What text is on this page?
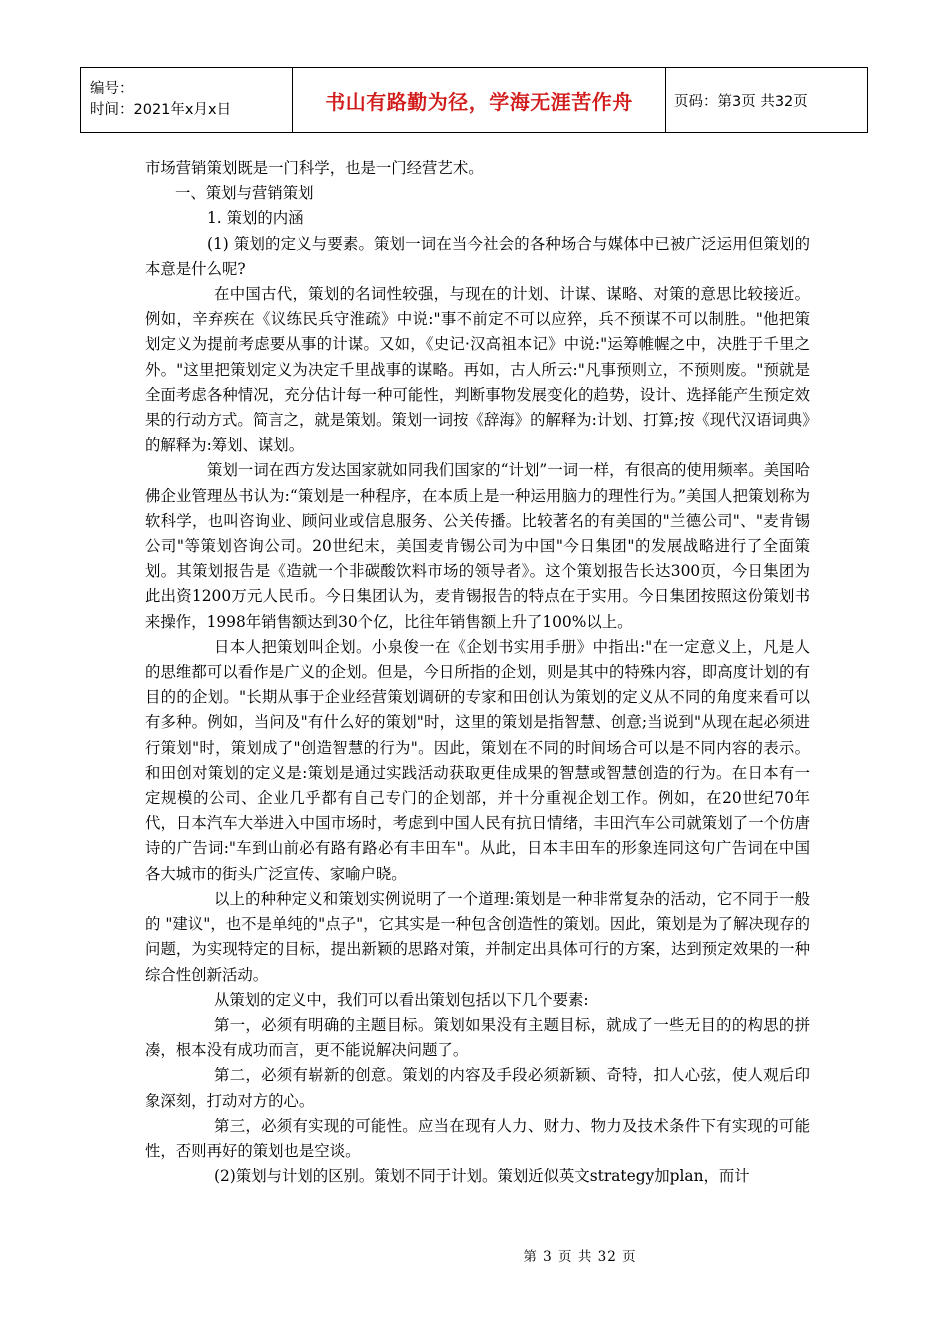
编号：
时间：2021年x月x日	书山有路勤为径，学海无涯苦作舟	页码：第3页 共32页

市场营销策划既是一门科学，也是一门经营艺术。

一、策划与营销策划

1. 策划的内涵

(1) 策划的定义与要素。策划一词在当今社会的各种场合与媒体中已被广泛运用但策划的本意是什么呢?

在中国古代，策划的名词性较强，与现在的计划、计谋、谋略、对策的意思比较接近。例如，辛弃疾在《议练民兵守淮疏》中说:"事不前定不可以应猝，兵不预谋不可以制胜。"他把策划定义为提前考虑要从事的计谋。又如，《史记·汉高祖本记》中说:"运筹帷幄之中，决胜于千里之外。"这里把策划定义为决定千里战事的谋略。再如，古人所云:"凡事预则立，不预则废。"预就是全面考虑各种情况，充分估计每一种可能性，判断事物发展变化的趋势，设计、选择能产生预定效果的行动方式。简言之，就是策划。策划一词按《辞海》的解释为:计划、打算;按《现代汉语词典》的解释为:筹划、谋划。

策划一词在西方发达国家就如同我们国家的“计划”一词一样，有很高的使用频率。美国哈佛企业管理丛书认为:“策划是一种程序，在本质上是一种运用脑力的理性行为。”美国人把策划称为软科学，也叫咨询业、顾问业或信息服务、公关传播。比较著名的有美国的"兰德公司"、"麦肯锡公司"等策划咨询公司。20世纪末，美国麦肯锡公司为中国"今日集团"的发展战略进行了全面策划。其策划报告是《造就一个非碳酸饮料市场的领导者》。这个策划报告长达300页，今日集团为此出资1200万元人民币。今日集团认为，麦肯锡报告的特点在于实用。今日集团按照这份策划书来操作，1998年销售额达到30个亿，比往年销售额上升了100%以上。

日本人把策划叫企划。小泉俊一在《企划书实用手册》中指出:"在一定意义上，凡是人的思维都可以看作是广义的企划。但是，今日所指的企划，则是其中的特殊内容，即高度计划的有目的的企划。"长期从事于企业经营策划调研的专家和田创认为策划的定义从不同的角度来看可以有多种。例如，当问及"有什么好的策划"时，这里的策划是指智慧、创意;当说到"从现在起必须进行策划"时，策划成了"创造智慧的行为"。因此，策划在不同的时间场合可以是不同内容的表示。和田创对策划的定义是:策划是通过实践活动获取更佳成果的智慧或智慧创造的行为。在日本有一定规模的公司、企业几乎都有自己专门的企划部，并十分重视企划工作。例如，在20世纪70年代，日本汽车大举进入中国市场时，考虑到中国人民有抗日情绪，丰田汽车公司就策划了一个仿唐诗的广告词:"车到山前必有路有路必有丰田车"。从此，日本丰田车的形象连同这句广告词在中国各大城市的街头广泛宣传、家喻户晓。

以上的种种定义和策划实例说明了一个道理:策划是一种非常复杂的活动，它不同于一般的 "建议"，也不是单纯的"点子"，它其实是一种包含创造性的策划。因此，策划是为了解决现存的问题，为实现特定的目标，提出新颖的思路对策，并制定出具体可行的方案，达到预定效果的一种综合性创新活动。

从策划的定义中，我们可以看出策划包括以下几个要素:

第一，必须有明确的主题目标。策划如果没有主题目标，就成了一些无目的的构思的拼凑，根本没有成功而言，更不能说解决问题了。

第二，必须有崭新的创意。策划的内容及手段必须新颖、奇特，扣人心弦，使人观后印象深刻，打动对方的心。

第三，必须有实现的可能性。应当在现有人力、财力、物力及技术条件下有实现的可能性，否则再好的策划也是空谈。

(2)策划与计划的区别。策划不同于计划。策划近似英文strategy加plan，而计

第 3 页 共 32 页
